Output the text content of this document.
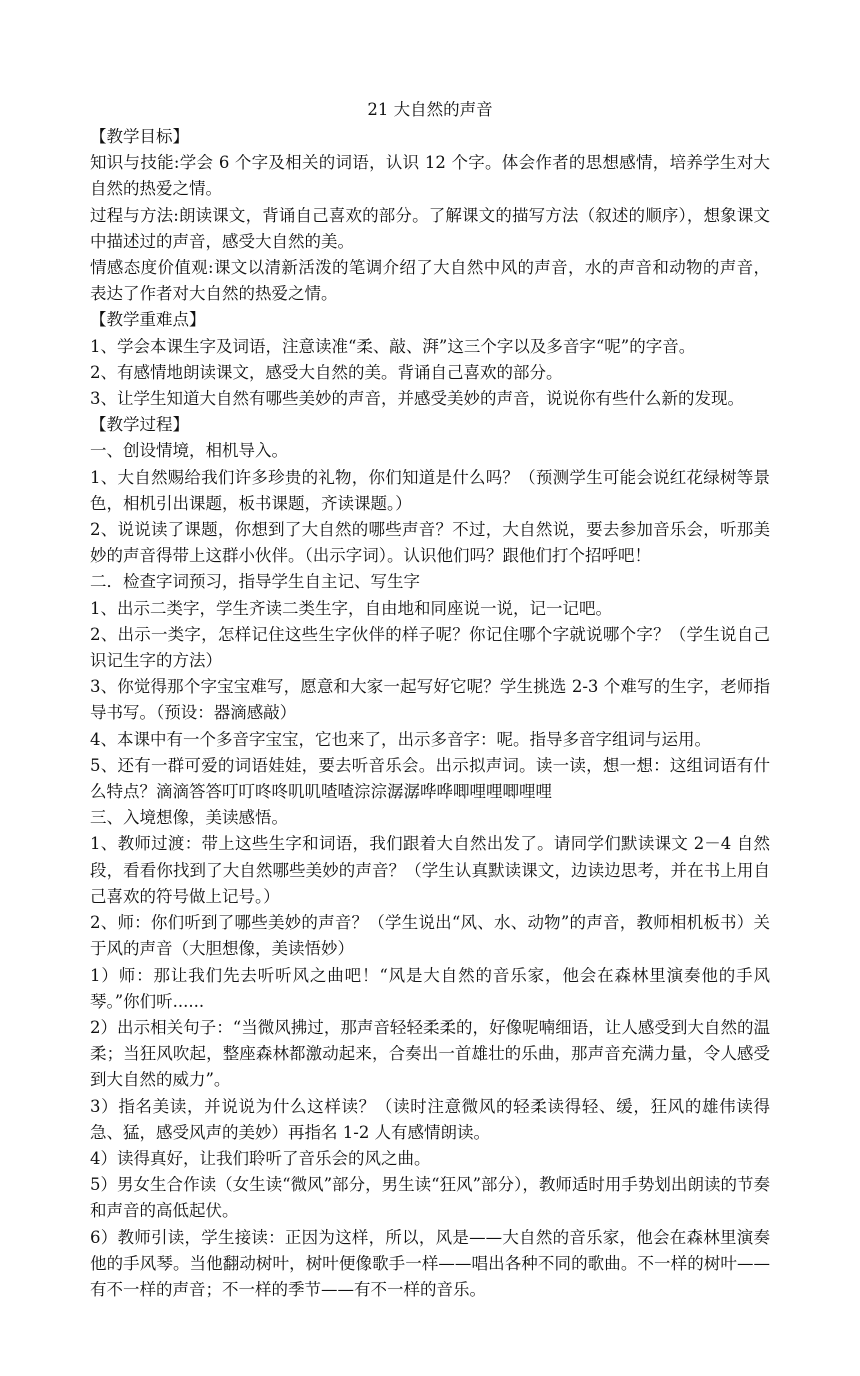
21 大自然的声音

【教学目标】

知识与技能:学会 6 个字及相关的词语，认识 12 个字。体会作者的思想感情，培养学生对大自然的热爱之情。

过程与方法:朗读课文，背诵自己喜欢的部分。了解课文的描写方法（叙述的顺序），想象课文中描述过的声音，感受大自然的美。

情感态度价值观:课文以清新活泼的笔调介绍了大自然中风的声音，水的声音和动物的声音，表达了作者对大自然的热爱之情。

【教学重难点】

1、学会本课生字及词语，注意读准“柔、敲、湃”这三个字以及多音字“呢”的字音。

2、有感情地朗读课文，感受大自然的美。背诵自己喜欢的部分。

3、让学生知道大自然有哪些美妙的声音，并感受美妙的声音，说说你有些什么新的发现。

【教学过程】

一、创设情境，相机导入。

1、大自然赐给我们许多珍贵的礼物，你们知道是什么吗？（预测学生可能会说红花绿树等景色，相机引出课题，板书课题，齐读课题。）

2、说说读了课题，你想到了大自然的哪些声音？不过，大自然说，要去参加音乐会，听那美妙的声音得带上这群小伙伴。（出示字词）。认识他们吗？跟他们打个招呼吧！

二．检查字词预习，指导学生自主记、写生字

1、出示二类字，学生齐读二类生字，自由地和同座说一说，记一记吧。

2、出示一类字，怎样记住这些生字伙伴的样子呢？你记住哪个字就说哪个字？（学生说自己识记生字的方法）

3、你觉得那个字宝宝难写，愿意和大家一起写好它呢？学生挑选 2-3 个难写的生字，老师指导书写。（预设：器滴感敲）

4、本课中有一个多音字宝宝，它也来了，出示多音字：呢。指导多音字组词与运用。

5、还有一群可爱的词语娃娃，要去听音乐会。出示拟声词。读一读，想一想：这组词语有什么特点？滴滴答答叮叮咚咚叽叽喳喳淙淙潺潺哗哗唧哩哩唧哩哩

三、入境想像，美读感悟。

1、教师过渡：带上这些生字和词语，我们跟着大自然出发了。请同学们默读课文 2－4 自然段，看看你找到了大自然哪些美妙的声音？（学生认真默读课文，边读边思考，并在书上用自己喜欢的符号做上记号。）

2、师：你们听到了哪些美妙的声音？（学生说出“风、水、动物”的声音，教师相机板书）关于风的声音（大胆想像，美读悟妙）

1）师：那让我们先去听听风之曲吧！“风是大自然的音乐家，他会在森林里演奏他的手风琴。”你们听......

2）出示相关句子：“当微风拂过，那声音轻轻柔柔的，好像呢喃细语，让人感受到大自然的温柔；当狂风吹起，整座森林都激动起来，合奏出一首雄壮的乐曲，那声音充满力量，令人感受到大自然的威力”。

3）指名美读，并说说为什么这样读？（读时注意微风的轻柔读得轻、缓，狂风的雄伟读得急、猛，感受风声的美妙）再指名 1-2 人有感情朗读。

4）读得真好，让我们聆听了音乐会的风之曲。

5）男女生合作读（女生读“微风”部分，男生读“狂风”部分），教师适时用手势划出朗读的节奏和声音的高低起伏。

6）教师引读，学生接读：正因为这样，所以，风是——大自然的音乐家，他会在森林里演奏他的手风琴。当他翻动树叶，树叶便像歌手一样——唱出各种不同的歌曲。不一样的树叶——有不一样的声音；不一样的季节——有不一样的音乐。
